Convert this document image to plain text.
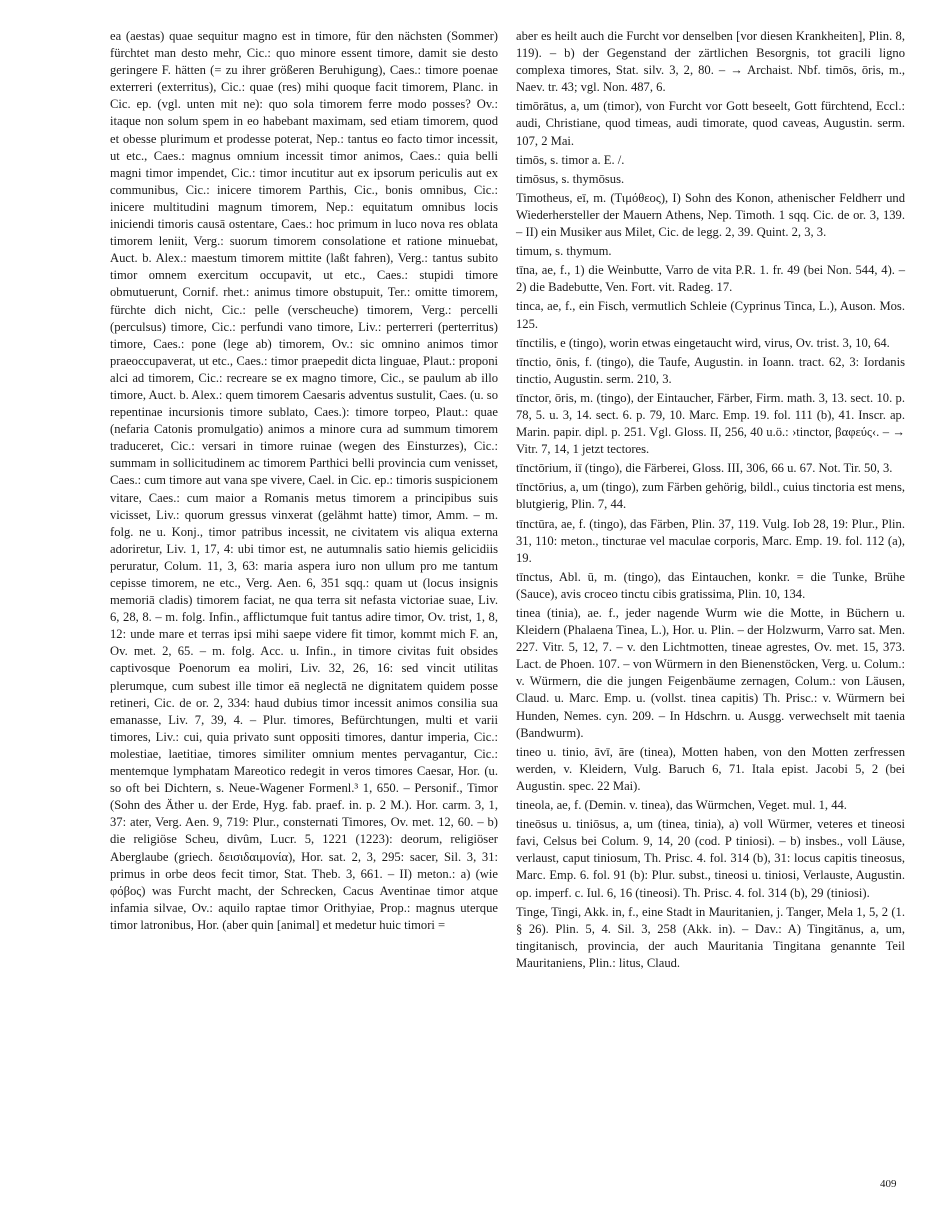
ea (aestas) quae sequitur magno est in timore, für den nächsten (Sommer) fürchtet man desto mehr, Cic.: quo minore essent timore, damit sie desto geringere F. hätten (= zu ihrer größeren Beruhigung), Caes.: timore poenae exterreri (exterritus), Cic.: quae (res) mihi quoque facit timorem, Planc. in Cic. ep. (vgl. unten mit ne): quo sola timorem ferre modo posses? Ov.: itaque non solum spem in eo habebant maximam, sed etiam timorem, quod et obesse plurimum et prodesse poterat, Nep.: tantus eo facto timor incessit, ut etc., Caes.: magnus omnium incessit timor animos, Caes.: quia belli magni timor impendet, Cic.: timor incutitur aut ex ipsorum periculis aut ex communibus, Cic.: inicere timorem Parthis, Cic., bonis omnibus, Cic.: inicere multitudini magnum timorem, Nep.: equitatum omnibus locis iniciendi timoris causā ostentare, Caes.: hoc primum in luco nova res oblata timorem leniit, Verg.: suorum timorem consolatione et ratione minuebat, Auct. b. Alex.: maestum timorem mittite (laßt fahren), Verg.: tantus subito timor omnem exercitum occupavit, ut etc., Caes.: stupidi timore obmutuerunt, Cornif. rhet.: animus timore obstupuit, Ter.: omitte timorem, fürchte dich nicht, Cic.: pelle (verscheuche) timorem, Verg.: percelli (perculsus) timore, Cic.: perfundi vano timore, Liv.: perterreri (perterritus) timore, Caes.: pone (lege ab) timorem, Ov.: sic omnino animos timor praeoccupaverat, ut etc., Caes.: timor praepedit dicta linguae, Plaut.: proponi alci ad timorem, Cic.: recreare se ex magno timore, Cic., se paulum ab illo timore, Auct. b. Alex.: quem timorem Caesaris adventus sustulit, Caes. (u. so repentinae incursionis timore sublato, Caes.): timore torpeo, Plaut.: quae (nefaria Catonis promulgatio) animos a minore cura ad summum timorem traduceret, Cic.: versari in timore ruinae (wegen des Einsturzes), Cic.: summam in sollicitudinem ac timorem Parthici belli provincia cum venisset, Caes.: cum timore aut vana spe vivere, Cael. in Cic. ep.: timoris suspicionem vitare, Caes.: cum maior a Romanis metus timorem a principibus suis vicisset, Liv.: quorum gressus vinxerat (gelähmt hatte) timor, Amm. – m. folg. ne u. Konj., timor patribus incessit, ne civitatem vis aliqua externa adoriretur, Liv. 1, 17, 4: ubi timor est, ne autumnalis satio hiemis gelicidiis peruratur, Colum. 11, 3, 63: maria aspera iuro non ullum pro me tantum cepisse timorem, ne etc., Verg. Aen. 6, 351 sqq.: quam ut (locus insignis memoriā cladis) timorem faciat, ne qua terra sit nefasta victoriae suae, Liv. 6, 28, 8. – m. folg. Infin., afflictumque fuit tantus adire timor, Ov. trist, 1, 8, 12: unde mare et terras ipsi mihi saepe videre fit timor, kommt mich F. an, Ov. met. 2, 65. – m. folg. Acc. u. Infin., in timore civitas fuit obsides captivosque Poenorum ea moliri, Liv. 32, 26, 16: sed vincit utilitas plerumque, cum subest ille timor eā neglectā ne dignitatem quidem posse retineri, Cic. de or. 2, 334: haud dubius timor incessit animos consilia sua emanasse, Liv. 7, 39, 4. – Plur. timores, Befürchtungen, multi et varii timores, Liv.: cui, quia privato sunt oppositi timores, dantur imperia, Cic.: molestiae, laetitiae, timores similiter omnium mentes pervagantur, Cic.: mentemque lymphatam Mareotico redegit in veros timores Caesar, Hor. (u. so oft bei Dichtern, s. Neue-Wagener Formenl.³ 1, 650. – Personif., Timor (Sohn des Äther u. der Erde, Hyg. fab. praef. in. p. 2 M.). Hor. carm. 3, 1, 37: ater, Verg. Aen. 9, 719: Plur., consternati Timores, Ov. met. 12, 60. – b) die religiöse Scheu, divûm, Lucr. 5, 1221 (1223): deorum, religiöser Aberglaube (griech. δεισιδαιμονία), Hor. sat. 2, 3, 295: sacer, Sil. 3, 31: primus in orbe deos fecit timor, Stat. Theb. 3, 661. – II) meton.: a) (wie φόβος) was Furcht macht, der Schrecken, Cacus Aventinae timor atque infamia silvae, Ov.: aquilo raptae timor Orithyiae, Prop.: magnus uterque timor latronibus, Hor. (aber quin [animal] et medetur huic timori =

aber es heilt auch die Furcht vor denselben [vor diesen Krankheiten], Plin. 8, 119). – b) der Gegenstand der zärtlichen Besorgnis, tot gracili ligno complexa timores, Stat. silv. 3, 2, 80. – → Archaist. Nbf. timōs, ōris, m., Naev. tr. 43; vgl. Non. 487, 6.

timōrātus, a, um (timor), von Furcht vor Gott beseelt, Gott fürchtend, Eccl.: audi, Christiane, quod timeas, audi timorate, quod caveas, Augustin. serm. 107, 2 Mai.

timōs, s. timor a. E. /.

timōsus, s. thymōsus.

Timotheus, eī, m. (Τιμόθεος), I) Sohn des Konon, athenischer Feldherr und Wiederhersteller der Mauern Athens, Nep. Timoth. 1 sqq. Cic. de or. 3, 139. – II) ein Musiker aus Milet, Cic. de legg. 2, 39. Quint. 2, 3, 3.

timum, s. thymum.

tīna, ae, f., 1) die Weinbutte, Varro de vita P.R. 1. fr. 49 (bei Non. 544, 4). – 2) die Badebutte, Ven. Fort. vit. Radeg. 17.

tinca, ae, f., ein Fisch, vermutlich Schleie (Cyprinus Tinca, L.), Auson. Mos. 125.

tīnctilis, e (tingo), worin etwas eingetaucht wird, virus, Ov. trist. 3, 10, 64.

tīnctio, ōnis, f. (tingo), die Taufe, Augustin. in Ioann. tract. 62, 3: Iordanis tinctio, Augustin. serm. 210, 3.

tīnctor, ōris, m. (tingo), der Eintaucher, Färber, Firm. math. 3, 13. sect. 10. p. 78, 5. u. 3, 14. sect. 6. p. 79, 10. Marc. Emp. 19. fol. 111 (b), 41. Inscr. ap. Marin. papir. dipl. p. 251. Vgl. Gloss. II, 256, 40 u.ö.: ›tinctor, βαφεύς‹. – → Vitr. 7, 14, 1 jetzt tectores.

tīnctōrium, iī (tingo), die Färberei, Gloss. III, 306, 66 u. 67. Not. Tir. 50, 3.

tīnctōrius, a, um (tingo), zum Färben gehörig, bildl., cuius tinctoria est mens, blutgierig, Plin. 7, 44.

tīnctūra, ae, f. (tingo), das Färben, Plin. 37, 119. Vulg. Iob 28, 19: Plur., Plin. 31, 110: meton., tincturae vel maculae corporis, Marc. Emp. 19. fol. 112 (a), 19.

tīnctus, Abl. ū, m. (tingo), das Eintauchen, konkr. = die Tunke, Brühe (Sauce), avis croceo tinctu cibis gratissima, Plin. 10, 134.

tinea (tinia), ae. f., jeder nagende Wurm wie die Motte, in Büchern u. Kleidern (Phalaena Tinea, L.), Hor. u. Plin. – der Holzwurm, Varro sat. Men. 227. Vitr. 5, 12, 7. – v. den Lichtmotten, tineae agrestes, Ov. met. 15, 373. Lact. de Phoen. 107. – von Würmern in den Bienenstöcken, Verg. u. Colum.: v. Würmern, die die jungen Feigenbäume zernagen, Colum.: von Läusen, Claud. u. Marc. Emp. u. (vollst. tinea capitis) Th. Prisc.: v. Würmern bei Hunden, Nemes. cyn. 209. – In Hdschrn. u. Ausgg. verwechselt mit taenia (Bandwurm).

tineo u. tinio, āvī, āre (tinea), Motten haben, von den Motten zerfressen werden, v. Kleidern, Vulg. Baruch 6, 71. Itala epist. Jacobi 5, 2 (bei Augustin. spec. 22 Mai).

tineola, ae, f. (Demin. v. tinea), das Würmchen, Veget. mul. 1, 44.

tineōsus u. tiniōsus, a, um (tinea, tinia), a) voll Würmer, veteres et tineosi favi, Celsus bei Colum. 9, 14, 20 (cod. P tiniosi). – b) insbes., voll Läuse, verlaust, caput tiniosum, Th. Prisc. 4. fol. 314 (b), 31: locus capitis tineosus, Marc. Emp. 6. fol. 91 (b): Plur. subst., tineosi u. tiniosi, Verlauste, Augustin. op. imperf. c. Iul. 6, 16 (tineosi). Th. Prisc. 4. fol. 314 (b), 29 (tiniosi).

Tinge, Tingi, Akk. in, f., eine Stadt in Mauritanien, j. Tanger, Mela 1, 5, 2 (1. § 26). Plin. 5, 4. Sil. 3, 258 (Akk. in). – Dav.: A) Tingitānus, a, um, tingitanisch, provincia, der auch Mauritania Tingitana genannte Teil Mauritaniens, Plin.: litus, Claud.

409
